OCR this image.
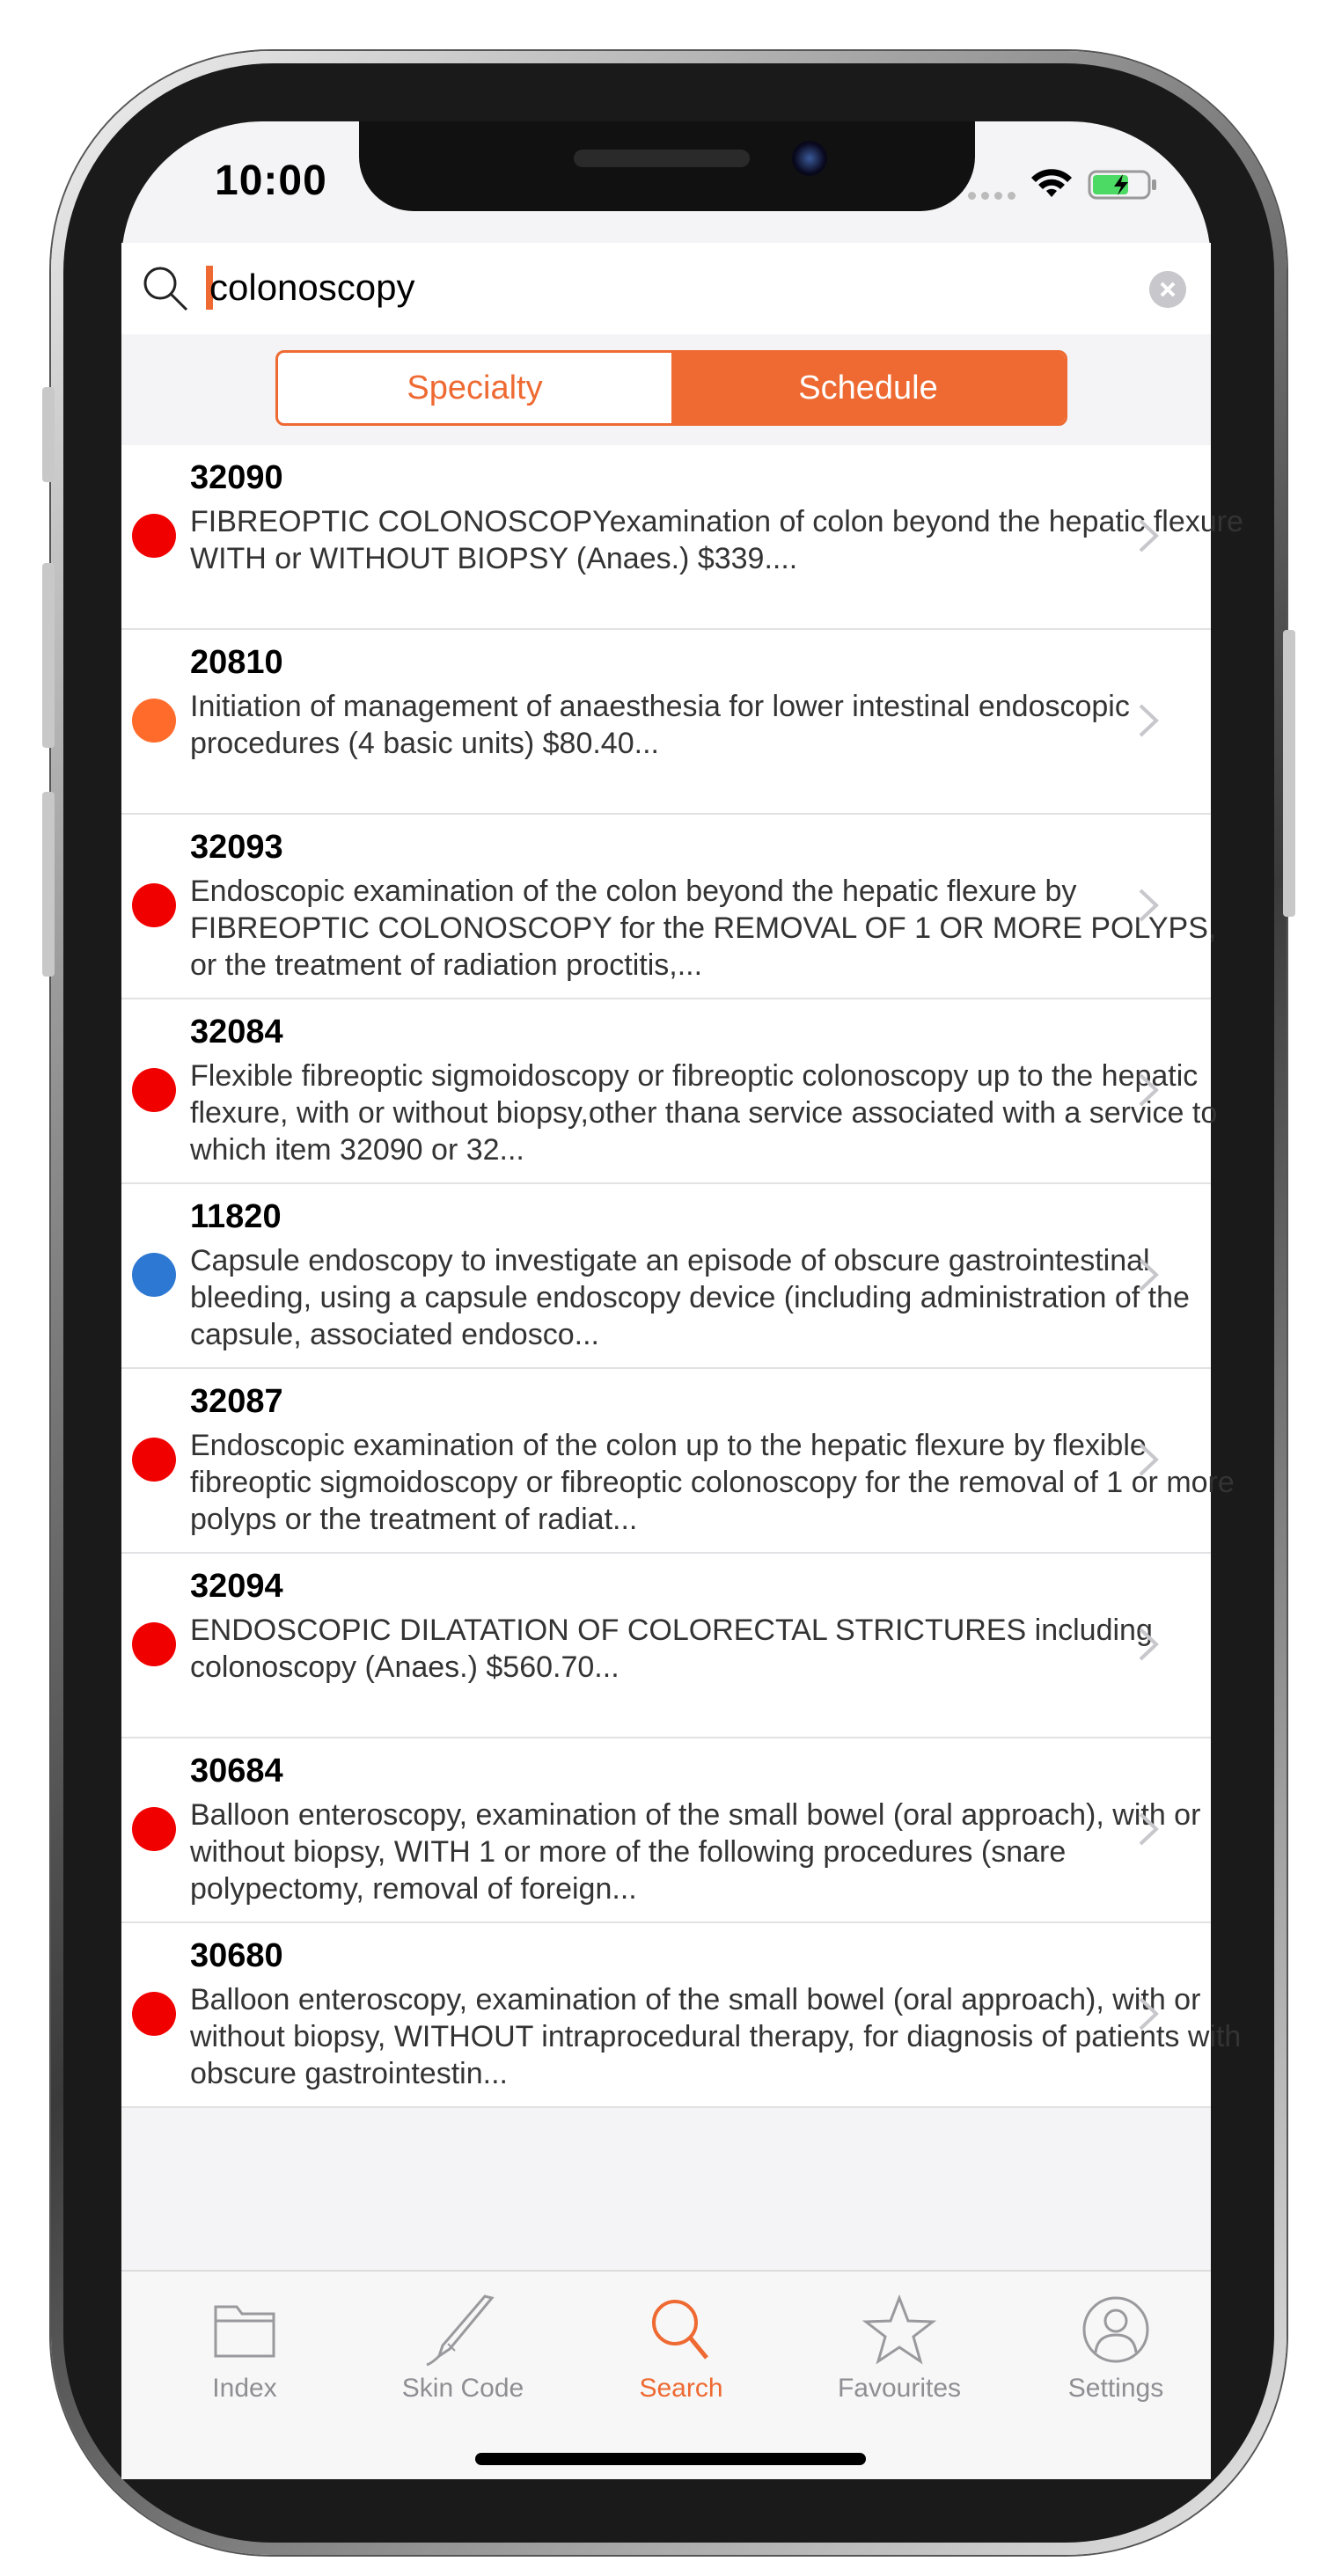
10:00
colonoscopy
Specialty	Schedule
32090
FIBREOPTIC COLONOSCOPYexamination of colon beyond the hepatic flexure WITH or WITHOUT BIOPSY (Anaes.) $339....
20810
Initiation of management of anaesthesia for lower intestinal endoscopic procedures (4 basic units) $80.40...
32093
Endoscopic examination of the colon beyond the hepatic flexure by FIBREOPTIC COLONOSCOPY for the REMOVAL OF 1 OR MORE POLYPS, or the treatment of radiation proctitis,...
32084
Flexible fibreoptic sigmoidoscopy or fibreoptic colonoscopy up to the hepatic flexure, with or without biopsy,other thana service associated with a service to which item 32090 or 32...
11820
Capsule endoscopy to investigate an episode of obscure gastrointestinal bleeding, using a capsule endoscopy device (including administration of the capsule, associated endosco...
32087
Endoscopic examination of the colon up to the hepatic flexure by flexible fibreoptic sigmoidoscopy or fibreoptic colonoscopy for the removal of 1 or more polyps or the treatment of radiat...
32094
ENDOSCOPIC DILATATION OF COLORECTAL STRICTURES including colonoscopy (Anaes.) $560.70...
30684
Balloon enteroscopy, examination of the small bowel (oral approach), with or without biopsy, WITH 1 or more of the following procedures (snare polypectomy, removal of foreign...
30680
Balloon enteroscopy, examination of the small bowel (oral approach), with or without biopsy, WITHOUT intraprocedural therapy, for diagnosis of patients with obscure gastrointestin...
Index	Skin Code	Search	Favourites	Settings
